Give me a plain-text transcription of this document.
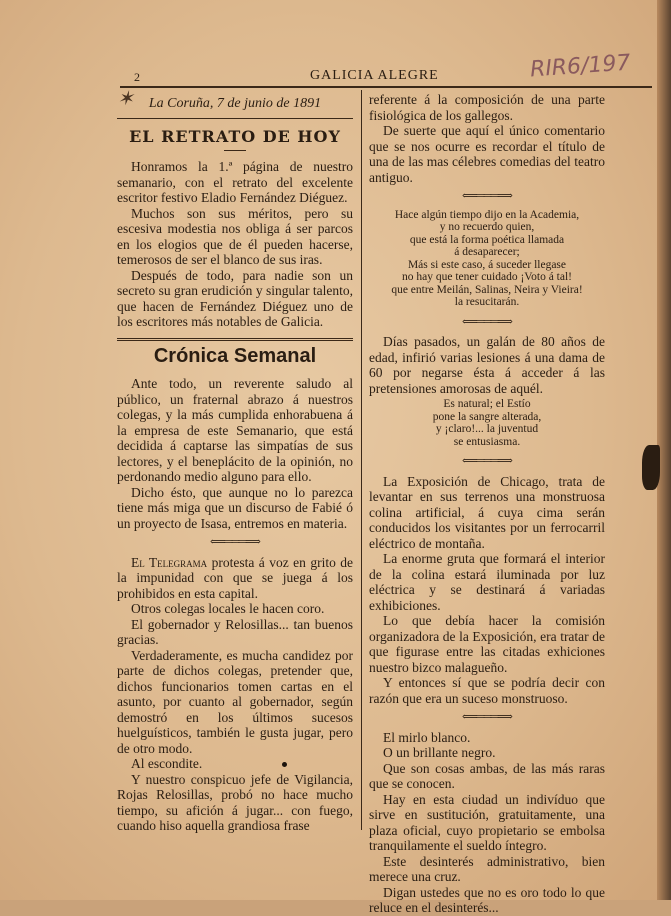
2	GALICIA ALEGRE	RIR6/197
✶ La Coruña, 7 de junio de 1891
EL RETRATO DE HOY

Honramos la 1.ª página de nuestro semanario, con el retrato del excelente escritor festivo Eladio Fernández Diéguez.

Muchos son sus méritos, pero su escesiva modestia nos obliga á ser parcos en los elogios que de él pueden hacerse, temerosos de ser el blanco de sus iras.

Después de todo, para nadie son un secreto su gran erudición y singular talento, que hacen de Fernández Diéguez uno de los escritores más notables de Galicia.

Crónica Semanal

Ante todo, un reverente saludo al público, un fraternal abrazo á nuestros colegas, y la más cumplida enhorabuena á la empresa de este Semanario, que está decidida á captarse las simpatías de sus lectores, y el beneplácito de la opinión, no perdonando medio alguno para ello.

Dicho ésto, que aunque no lo parezca tiene más miga que un discurso de Fabié ó un proyecto de Isasa, entremos en materia.

⟸═══⟹

El Telegrama protesta á voz en grito de la impunidad con que se juega á los prohibidos en esta capital.

Otros colegas locales le hacen coro.

El gobernador y Relosillas... tan buenos gracias.

Verdaderamente, es mucha candidez por parte de dichos colegas, pretender que, dichos funcionarios tomen cartas en el asunto, por cuanto al gobernador, según demostró en los últimos sucesos huelguísticos, también le gusta jugar, pero de otro modo.

Al escondite.

Y nuestro conspicuo jefe de Vigilancia, Rojas Relosillas, probó no hace mucho tiempo, su afición á jugar... con fuego, cuando hiso aquella grandiosa frase

referente á la composición de una parte fisiológica de los gallegos.

De suerte que aquí el único comentario que se nos ocurre es recordar el título de una de las mas célebres comedias del teatro antiguo.

⟸═══⟹
Hace algún tiempo dijo en la Academia,
y no recuerdo quien,
que está la forma poética llamada
á desaparecer;
Más si este caso, á suceder llegase
no hay que tener cuidado ¡Voto á tal!
que entre Meilán, Salinas, Neira y Vieira!
la resucitarán.
⟸═══⟹

Días pasados, un galán de 80 años de edad, infirió varias lesiones á una dama de 60 por negarse ésta á acceder á las pretensiones amorosas de aquél.

Es natural; el Estío
pone la sangre alterada,
y ¡claro!... la juventud
se entusiasma.
⟸═══⟹

La Exposición de Chicago, trata de levantar en sus terrenos una monstruosa colina artificial, á cuya cima serán conducidos los visitantes por un ferrocarril eléctrico de montaña.

La enorme gruta que formará el interior de la colina estará iluminada por luz eléctrica y se destinará á variadas exhibiciones.

Lo que debía hacer la comisión organizadora de la Exposición, era tratar de que figurase entre las citadas exhiciones nuestro bizco malagueño.

Y entonces sí que se podría decir con razón que era un suceso monstruoso.

⟸═══⟹

El mirlo blanco.

O un brillante negro.

Que son cosas ambas, de las más raras que se conocen.

Hay en esta ciudad un indivíduo que sirve en sustitución, gratuitamente, una plaza oficial, cuyo propietario se embolsa tranquilamente el sueldo íntegro.

Este desinterés administrativo, bien merece una cruz.

Digan ustedes que no es oro todo lo que reluce en el desinterés...
